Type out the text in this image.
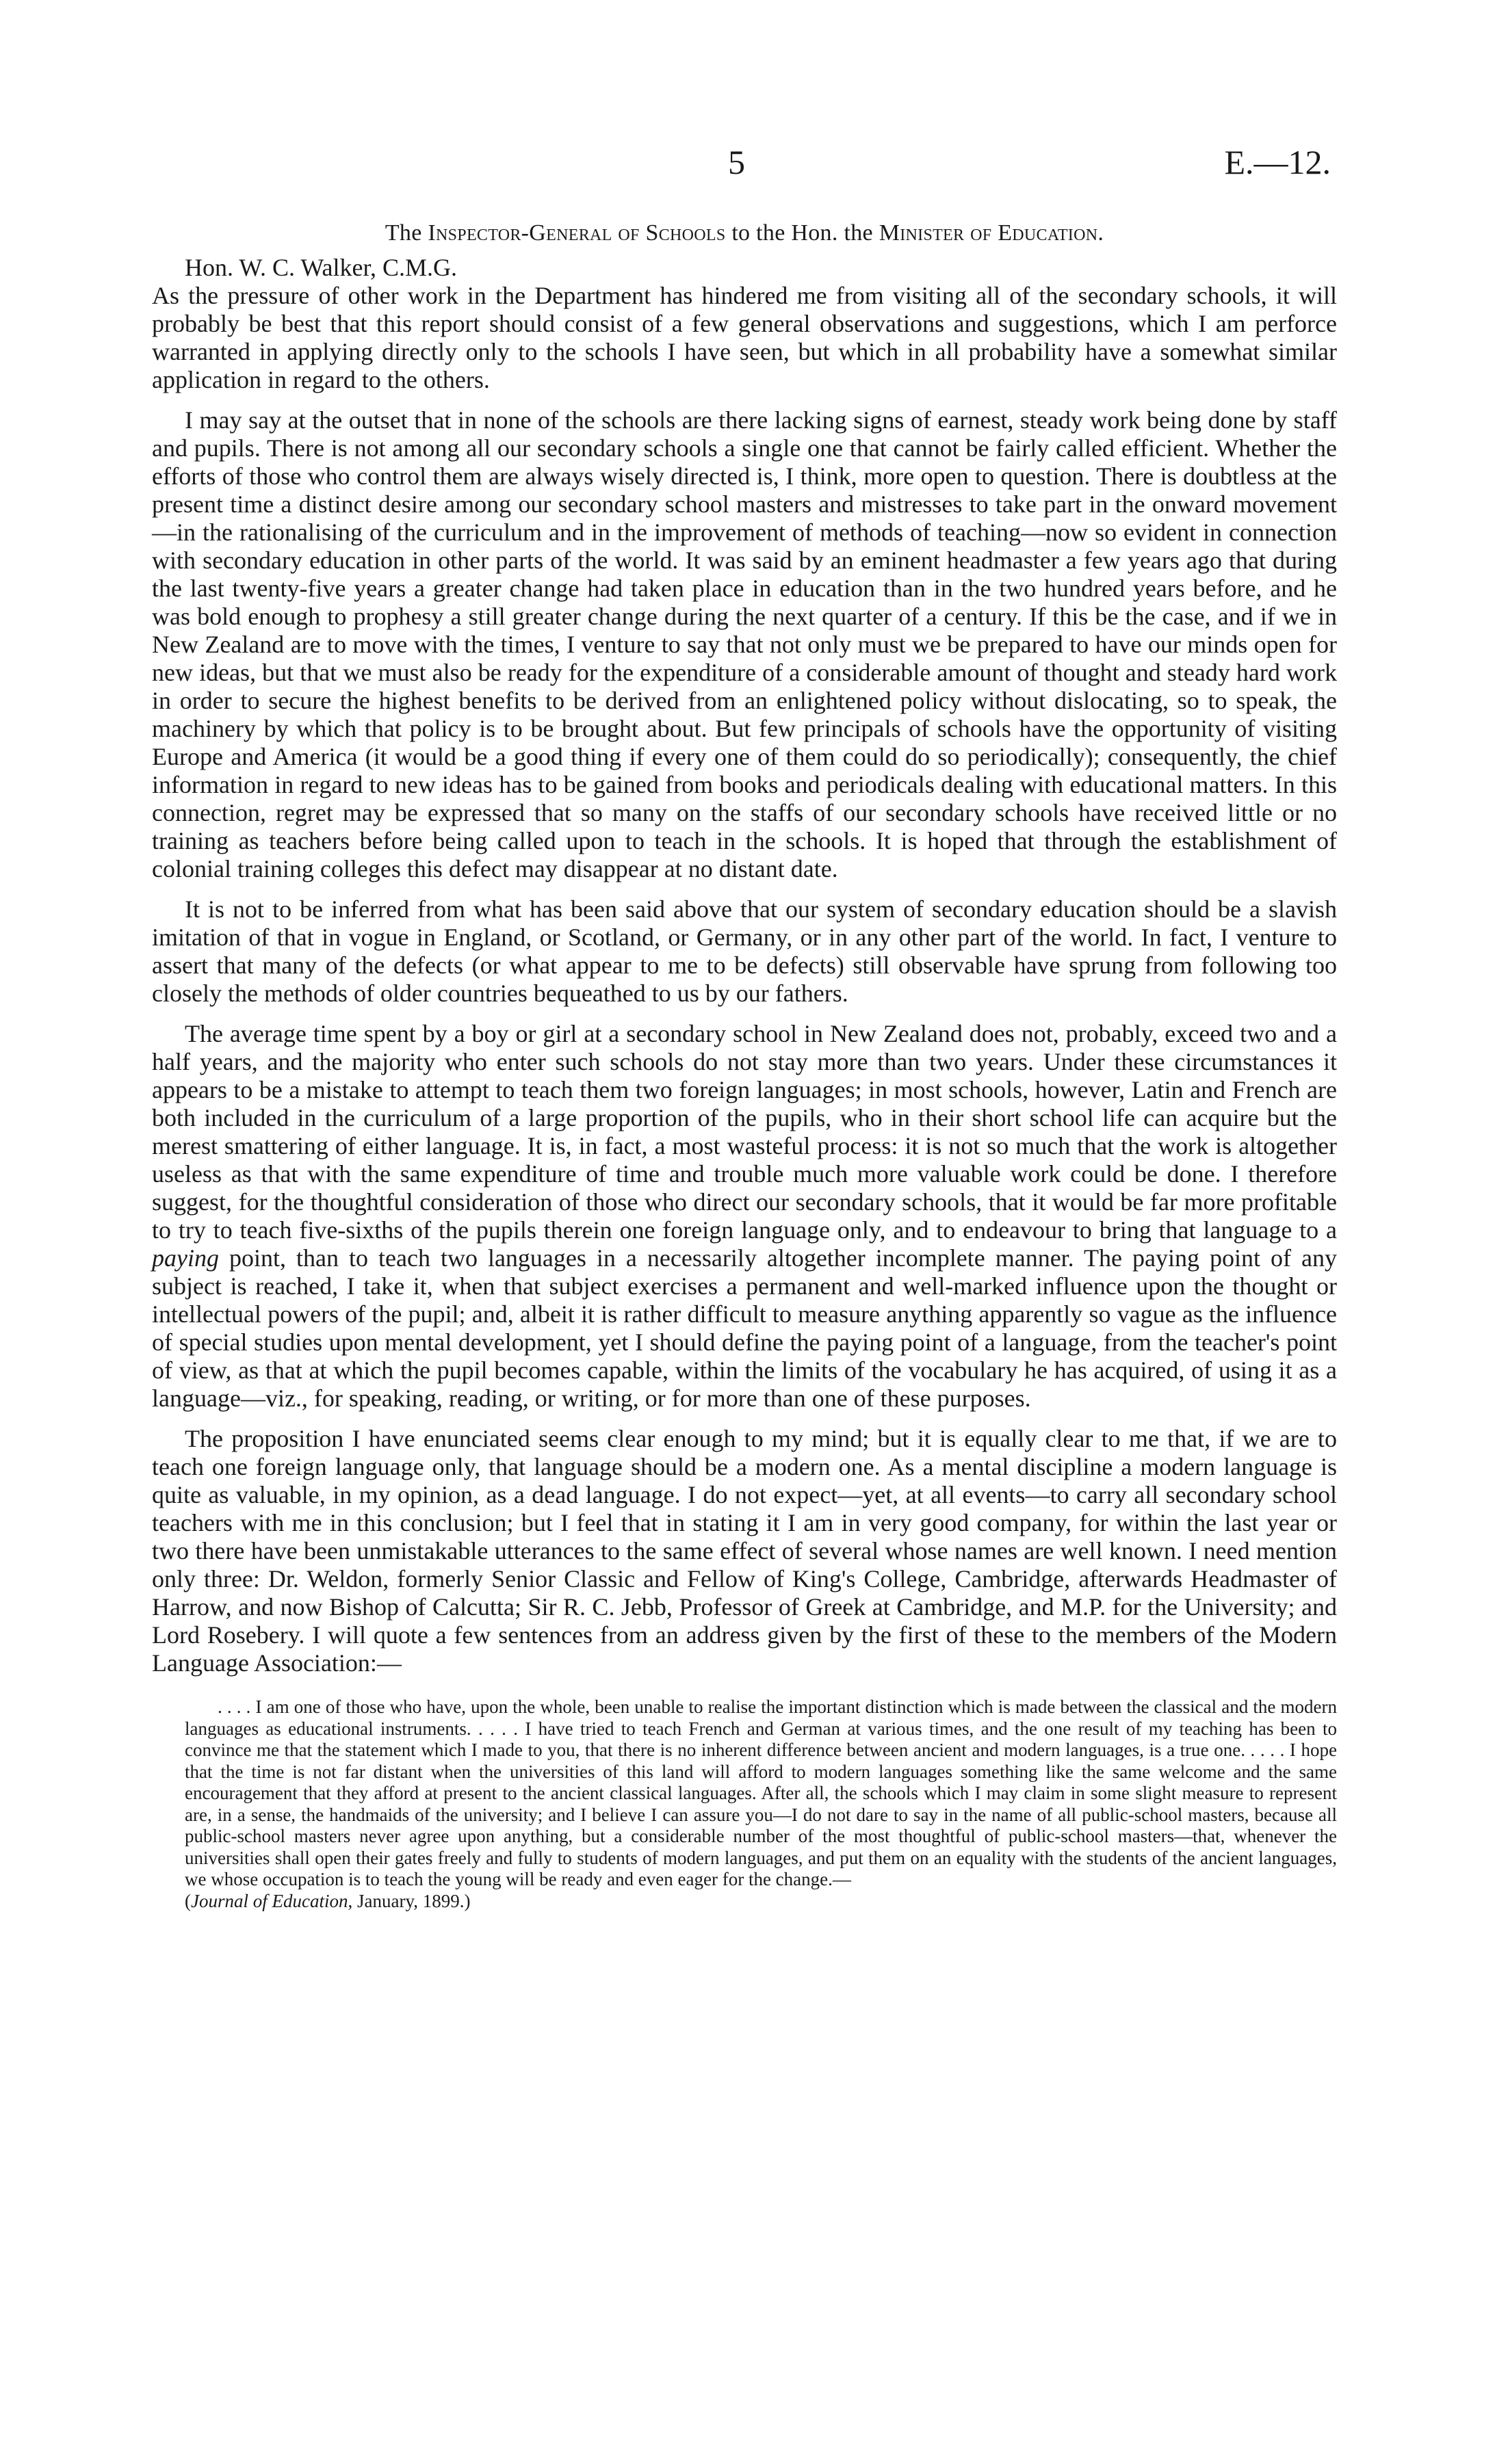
5	E.—12.
The Inspector-General of Schools to the Hon. the Minister of Education.
Hon. W. C. Walker, C.M.G.

As the pressure of other work in the Department has hindered me from visiting all of the secondary schools, it will probably be best that this report should consist of a few general observations and suggestions, which I am perforce warranted in applying directly only to the schools I have seen, but which in all probability have a somewhat similar application in regard to the others.

I may say at the outset that in none of the schools are there lacking signs of earnest, steady work being done by staff and pupils. There is not among all our secondary schools a single one that cannot be fairly called efficient. Whether the efforts of those who control them are always wisely directed is, I think, more open to question. There is doubtless at the present time a distinct desire among our secondary school masters and mistresses to take part in the onward movement—in the rationalising of the curriculum and in the improvement of methods of teaching—now so evident in connection with secondary education in other parts of the world. It was said by an eminent headmaster a few years ago that during the last twenty-five years a greater change had taken place in education than in the two hundred years before, and he was bold enough to prophesy a still greater change during the next quarter of a century. If this be the case, and if we in New Zealand are to move with the times, I venture to say that not only must we be prepared to have our minds open for new ideas, but that we must also be ready for the expenditure of a considerable amount of thought and steady hard work in order to secure the highest benefits to be derived from an enlightened policy without dislocating, so to speak, the machinery by which that policy is to be brought about. But few principals of schools have the opportunity of visiting Europe and America (it would be a good thing if every one of them could do so periodically); consequently, the chief information in regard to new ideas has to be gained from books and periodicals dealing with educational matters. In this connection, regret may be expressed that so many on the staffs of our secondary schools have received little or no training as teachers before being called upon to teach in the schools. It is hoped that through the establishment of colonial training colleges this defect may disappear at no distant date.

It is not to be inferred from what has been said above that our system of secondary education should be a slavish imitation of that in vogue in England, or Scotland, or Germany, or in any other part of the world. In fact, I venture to assert that many of the defects (or what appear to me to be defects) still observable have sprung from following too closely the methods of older countries bequeathed to us by our fathers.

The average time spent by a boy or girl at a secondary school in New Zealand does not, probably, exceed two and a half years, and the majority who enter such schools do not stay more than two years. Under these circumstances it appears to be a mistake to attempt to teach them two foreign languages; in most schools, however, Latin and French are both included in the curriculum of a large proportion of the pupils, who in their short school life can acquire but the merest smattering of either language. It is, in fact, a most wasteful process: it is not so much that the work is altogether useless as that with the same expenditure of time and trouble much more valuable work could be done. I therefore suggest, for the thoughtful consideration of those who direct our secondary schools, that it would be far more profitable to try to teach five-sixths of the pupils therein one foreign language only, and to endeavour to bring that language to a paying point, than to teach two languages in a necessarily altogether incomplete manner. The paying point of any subject is reached, I take it, when that subject exercises a permanent and well-marked influence upon the thought or intellectual powers of the pupil; and, albeit it is rather difficult to measure anything apparently so vague as the influence of special studies upon mental development, yet I should define the paying point of a language, from the teacher's point of view, as that at which the pupil becomes capable, within the limits of the vocabulary he has acquired, of using it as a language—viz., for speaking, reading, or writing, or for more than one of these purposes.

The proposition I have enunciated seems clear enough to my mind; but it is equally clear to me that, if we are to teach one foreign language only, that language should be a modern one. As a mental discipline a modern language is quite as valuable, in my opinion, as a dead language. I do not expect—yet, at all events—to carry all secondary school teachers with me in this conclusion; but I feel that in stating it I am in very good company, for within the last year or two there have been unmistakable utterances to the same effect of several whose names are well known. I need mention only three: Dr. Weldon, formerly Senior Classic and Fellow of King's College, Cambridge, afterwards Headmaster of Harrow, and now Bishop of Calcutta; Sir R. C. Jebb, Professor of Greek at Cambridge, and M.P. for the University; and Lord Rosebery. I will quote a few sentences from an address given by the first of these to the members of the Modern Language Association:—

. . . . I am one of those who have, upon the whole, been unable to realise the important distinction which is made between the classical and the modern languages as educational instruments. . . . . I have tried to teach French and German at various times, and the one result of my teaching has been to convince me that the statement which I made to you, that there is no inherent difference between ancient and modern languages, is a true one. . . . . I hope that the time is not far distant when the universities of this land will afford to modern languages something like the same welcome and the same encouragement that they afford at present to the ancient classical languages. After all, the schools which I may claim in some slight measure to represent are, in a sense, the handmaids of the university; and I believe I can assure you—I do not dare to say in the name of all public-school masters, because all public-school masters never agree upon anything, but a considerable number of the most thoughtful of public-school masters—that, whenever the universities shall open their gates freely and fully to students of modern languages, and put them on an equality with the students of the ancient languages, we whose occupation is to teach the young will be ready and even eager for the change.—
(Journal of Education, January, 1899.)
